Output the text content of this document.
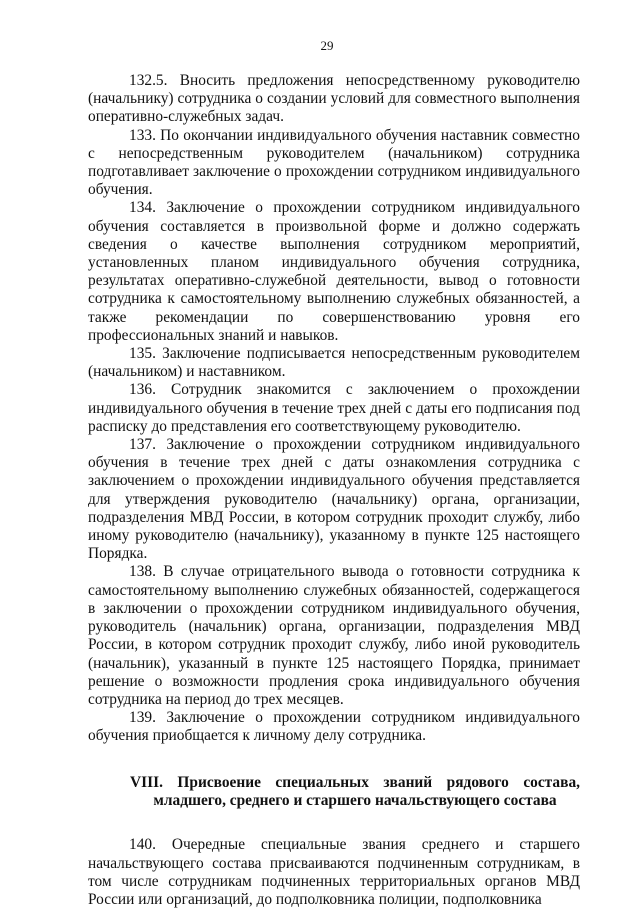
29

132.5. Вносить предложения непосредственному руководителю (начальнику) сотрудника о создании условий для совместного выполнения оперативно-служебных задач.

133. По окончании индивидуального обучения наставник совместно с непосредственным руководителем (начальником) сотрудника подготавливает заключение о прохождении сотрудником индивидуального обучения.

134. Заключение о прохождении сотрудником индивидуального обучения составляется в произвольной форме и должно содержать сведения о качестве выполнения сотрудником мероприятий, установленных планом индивидуального обучения сотрудника, результатах оперативно-служебной деятельности, вывод о готовности сотрудника к самостоятельному выполнению служебных обязанностей, а также рекомендации по совершенствованию уровня его профессиональных знаний и навыков.

135. Заключение подписывается непосредственным руководителем (начальником) и наставником.

136. Сотрудник знакомится с заключением о прохождении индивидуального обучения в течение трех дней с даты его подписания под расписку до представления его соответствующему руководителю.

137. Заключение о прохождении сотрудником индивидуального обучения в течение трех дней с даты ознакомления сотрудника с заключением о прохождении индивидуального обучения представляется для утверждения руководителю (начальнику) органа, организации, подразделения МВД России, в котором сотрудник проходит службу, либо иному руководителю (начальнику), указанному в пункте 125 настоящего Порядка.

138. В случае отрицательного вывода о готовности сотрудника к самостоятельному выполнению служебных обязанностей, содержащегося в заключении о прохождении сотрудником индивидуального обучения, руководитель (начальник) органа, организации, подразделения МВД России, в котором сотрудник проходит службу, либо иной руководитель (начальник), указанный в пункте 125 настоящего Порядка, принимает решение о возможности продления срока индивидуального обучения сотрудника на период до трех месяцев.

139. Заключение о прохождении сотрудником индивидуального обучения приобщается к личному делу сотрудника.

VIII. Присвоение специальных званий рядового состава, младшего, среднего и старшего начальствующего состава

140. Очередные специальные звания среднего и старшего начальствующего состава присваиваются подчиненным сотрудникам, в том числе сотрудникам подчиненных территориальных органов МВД России или организаций, до подполковника полиции, подполковника
